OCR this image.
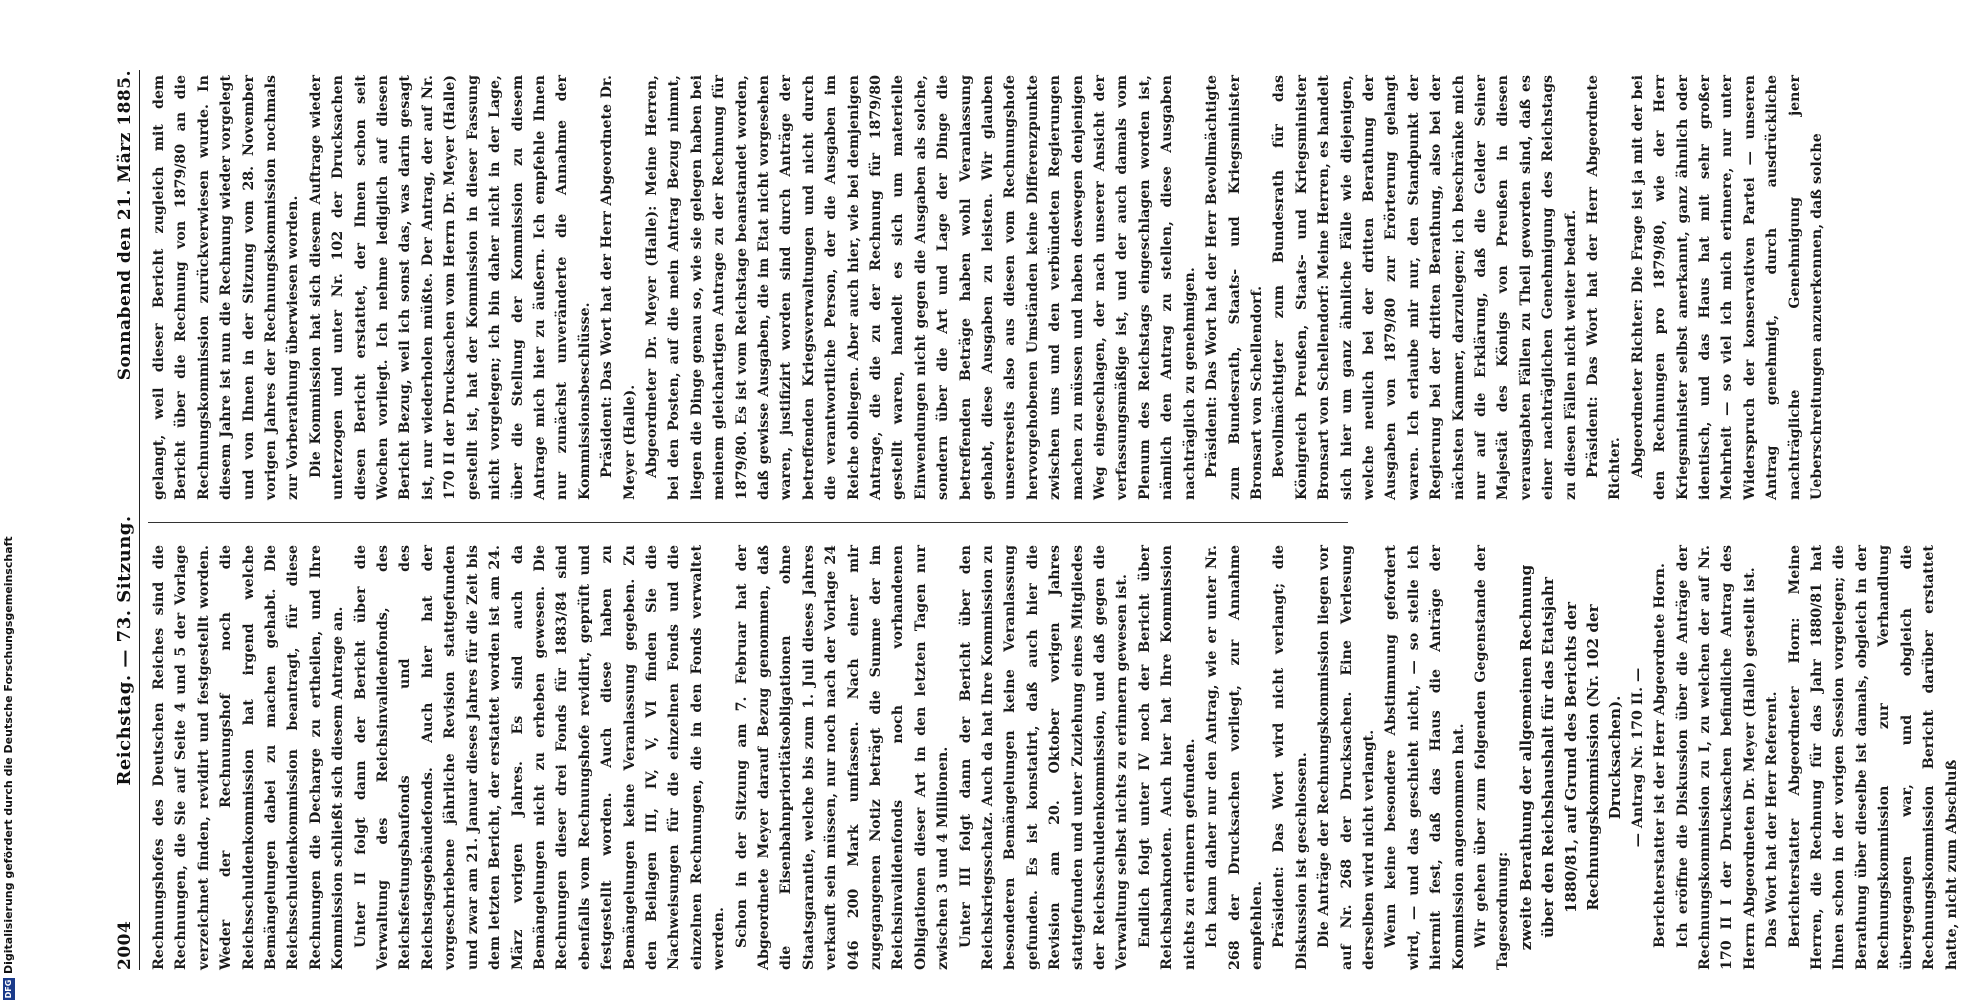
2004
Reichstag. — 73. Sitzung.
Sonnabend den 21. März 1885.

Rechnungshofes des Deutschen Reiches sind die Rechnungen, die Sie auf Seite 4 und 5 der Vorlage verzeichnet finden, revidirt und festgestellt worden. Weder der Rechnungshof noch die Reichsschuldenkommission hat irgend welche Bemängelungen dabei zu machen gehabt. Die Reichsschuldenkommission beantragt, für diese Rechnungen die Decharge zu ertheilen, und Ihre Kommission schließt sich diesem Antrage an. Unter II folgt dann der Bericht über die Verwaltung des Reichsinvalidenfonds, des Reichsfestungsbaufonds und des Reichstagsgebäudefonds. Auch hier hat der vorgeschriebene jährliche Revision stattgefunden und zwar am 21. Januar dieses Jahres für die Zeit bis dem letzten Bericht, der erstattet worden ist am 24. März vorigen Jahres. Es sind auch da Bemängelungen nicht zu erheben gewesen. Die Rechnungen dieser drei Fonds für 1883/84 sind ebenfalls vom Rechnungshofe revidirt, geprüft und festgestellt worden. Auch diese haben zu Bemängelungen keine Veranlassung gegeben. Zu den Beilagen III, IV, V, VI finden Sie die Nachweisungen für die einzelnen Fonds und die einzelnen Rechnungen, die in den Fonds verwaltet werden. Schon in der Sitzung am 7. Februar hat der Abgeordnete Meyer darauf Bezug genommen, daß die Eisenbahnprioritätsobligationen ohne Staatsgarantie, welche bis zum 1. Juli dieses Jahres verkauft sein müssen, nur noch nach der Vorlage 24 046 200 Mark umfassen. Nach einer mir zugegangenen Notiz beträgt die Summe der im Reichsinvalidenfonds noch vorhandenen Obligationen dieser Art in den letzten Tagen nur zwischen 3 und 4 Millionen. Unter III folgt dann der Bericht über den Reichskriegsschatz. Auch da hat Ihre Kommission zu besonderen Bemängelungen keine Veranlassung gefunden. Es ist konstatirt, daß auch hier die Revision am 20. Oktober vorigen Jahres stattgefunden und unter Zuziehung eines Mitgliedes der Reichsschuldenkommission, und daß gegen die Verwaltung selbst nichts zu erinnern gewesen ist. Endlich folgt unter IV noch der Bericht über Reichsbanknoten. Auch hier hat Ihre Kommission nichts zu erinnern gefunden. Ich kann daher nur den Antrag, wie er unter Nr. 268 der Drucksachen vorliegt, zur Annahme empfehlen. Präsident: Das Wort wird nicht verlangt; die Diskussion ist geschlossen. Die Anträge der Rechnungskommission liegen vor auf Nr. 268 der Drucksachen. Eine Verlesung derselben wird nicht verlangt. Wenn keine besondere Abstimmung gefordert wird, — und das geschieht nicht, — so stelle ich hiermit fest, daß das Haus die Anträge der Kommission angenommen hat. Wir gehen über zum folgenden Gegenstande der Tagesordnung: zweite Berathung der allgemeinen Rechnung über den Reichshaushalt für das Etatsjahr 1880/81, auf Grund des Berichts der Rechnungskommission (Nr. 102 der Drucksachen). — Antrag Nr. 170 II. — Berichterstatter ist der Herr Abgeordnete Horn. Ich eröffne die Diskussion über die Anträge der Rechnungskommission zu I, zu welchen der auf Nr. 170 II I der Drucksachen befindliche Antrag des Herrn Abgeordneten Dr. Meyer (Halle) gestellt ist. Das Wort hat der Herr Referent. Berichterstatter Abgeordneter Horn: Meine Herren, die Rechnung für das Jahr 1880/81 hat Ihnen schon in der vorigen Session vorgelegen; die Berathung über dieselbe ist damals, obgleich in der Rechnungskommission zur Verhandlung übergegangen war, und obgleich die Rechnungskommission Bericht darüber erstattet hatte, nicht zum Abschluß

gelangt, weil dieser Bericht zugleich mit dem Bericht über die Rechnung von 1879/80 an die Rechnungskommission zurückverwiesen wurde. In diesem Jahre ist nun die Rechnung wieder vorgelegt und von Ihnen in der Sitzung vom 28. November vorigen Jahres der Rechnungskommission nochmals zur Vorberathung überwiesen worden. Die Kommission hat sich diesem Auftrage wieder unterzogen und unter Nr. 102 der Drucksachen diesen Bericht erstattet, der Ihnen schon seit Wochen vorliegt. Ich nehme lediglich auf diesen Bericht Bezug, weil ich sonst das, was darin gesagt ist, nur wiederholen müßte. Der Antrag, der auf Nr. 170 II der Drucksachen vom Herrn Dr. Meyer (Halle) gestellt ist, hat der Kommission in dieser Fassung nicht vorgelegen; ich bin daher nicht in der Lage, über die Stellung der Kommission zu diesem Antrage mich hier zu äußern. Ich empfehle Ihnen nur zunächst unveränderte die Annahme der Kommissionsbeschlüsse. Präsident: Das Wort hat der Herr Abgeordnete Dr. Meyer (Halle). Abgeordneter Dr. Meyer (Halle): Meine Herren, bei den Posten, auf die mein Antrag Bezug nimmt, liegen die Dinge genau so, wie sie gelegen haben bei meinem gleichartigen Antrage zu der Rechnung für 1879/80. Es ist vom Reichstage beanstandet worden, daß gewisse Ausgaben, die im Etat nicht vorgesehen waren, justifizirt worden sind durch Anträge der betreffenden Kriegsverwaltungen und nicht durch die verantwortliche Person, der die Ausgaben im Reiche obliegen. Aber auch hier, wie bei demjenigen Antrage, die die zu der Rechnung für 1879/80 gestellt waren, handelt es sich um materielle Einwendungen nicht gegen die Ausgaben als solche, sondern über die Art und Lage der Dinge die betreffenden Beträge haben wohl Veranlassung gehabt, diese Ausgaben zu leisten. Wir glauben unsererseits also aus diesen vom Rechnungshofe hervorgehobenen Umständen keine Differenzpunkte zwischen uns und den verbündeten Regierungen machen zu müssen und haben deswegen denjenigen Weg eingeschlagen, der nach unserer Ansicht der verfassungsmäßige ist, und der auch damals vom Plenum des Reichstags eingeschlagen worden ist, nämlich den Antrag zu stellen, diese Ausgaben nachträglich zu genehmigen. Präsident: Das Wort hat der Herr Bevollmächtigte zum Bundesrath, Staats- und Kriegsminister Bronsart von Schellendorf. Bevollmächtigter zum Bundesrath für das Königreich Preußen, Staats- und Kriegsminister Bronsart von Schellendorf: Meine Herren, es handelt sich hier um ganz ähnliche Fälle wie diejenigen, welche neulich bei der dritten Berathung der Ausgaben von 1879/80 zur Erörterung gelangt waren. Ich erlaube mir nur, den Standpunkt der Regierung bei der dritten Berathung, also bei der nächsten Kammer, darzulegen; ich beschränke mich nur auf die Erklärung, daß die Gelder Seiner Majestät des Königs von Preußen in diesen verausgabten Fällen zu Theil geworden sind, daß es einer nachträglichen Genehmigung des Reichstags zu diesen Fällen nicht weiter bedarf. Präsident: Das Wort hat der Herr Abgeordnete Richter. Abgeordneter Richter: Die Frage ist ja mit der bei den Rechnungen pro 1879/80, wie der Herr Kriegsminister selbst anerkannt, ganz ähnlich oder identisch, und das Haus hat mit sehr großer Mehrheit — so viel ich mich erinnere, nur unter Widerspruch der konservativen Partei — unseren Antrag genehmigt, durch ausdrückliche nachträgliche Genehmigung jener Ueberschreitungen anzuerkennen, daß solche

DFG
Digitalisierung gefördert durch die Deutsche Forschungsgemeinschaft
